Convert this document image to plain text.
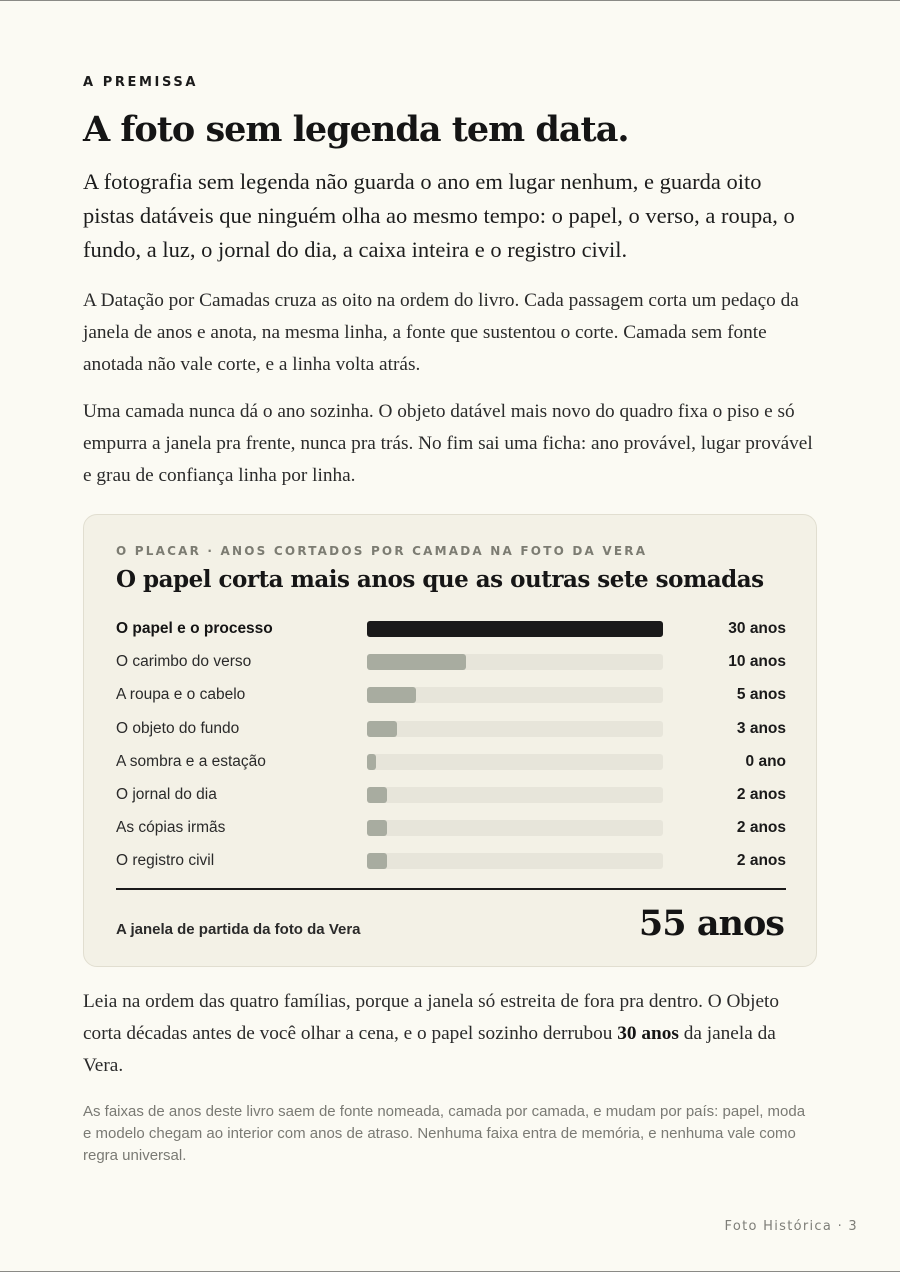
A PREMISSA
A foto sem legenda tem data.

A fotografia sem legenda não guarda o ano em lugar nenhum, e guarda oito pistas datáveis que ninguém olha ao mesmo tempo: o papel, o verso, a roupa, o fundo, a luz, o jornal do dia, a caixa inteira e o registro civil.

A Datação por Camadas cruza as oito na ordem do livro. Cada passagem corta um pedaço da janela de anos e anota, na mesma linha, a fonte que sustentou o corte. Camada sem fonte anotada não vale corte, e a linha volta atrás.

Uma camada nunca dá o ano sozinha. O objeto datável mais novo do quadro fixa o piso e só empurra a janela pra frente, nunca pra trás. No fim sai uma ficha: ano provável, lugar provável e grau de confiança linha por linha.

O PLACAR · ANOS CORTADOS POR CAMADA NA FOTO DA VERA
O papel corta mais anos que as outras sete somadas
O papel e o processo	30 anos
O carimbo do verso	10 anos
A roupa e o cabelo	5 anos
O objeto do fundo	3 anos
A sombra e a estação	0 ano
O jornal do dia	2 anos
As cópias irmãs	2 anos
O registro civil	2 anos
A janela de partida da foto da Vera	55 anos

Leia na ordem das quatro famílias, porque a janela só estreita de fora pra dentro. O Objeto corta décadas antes de você olhar a cena, e o papel sozinho derrubou 30 anos da janela da Vera.

As faixas de anos deste livro saem de fonte nomeada, camada por camada, e mudam por país: papel, moda e modelo chegam ao interior com anos de atraso. Nenhuma faixa entra de memória, e nenhuma vale como regra universal.

Foto Histórica · 3
